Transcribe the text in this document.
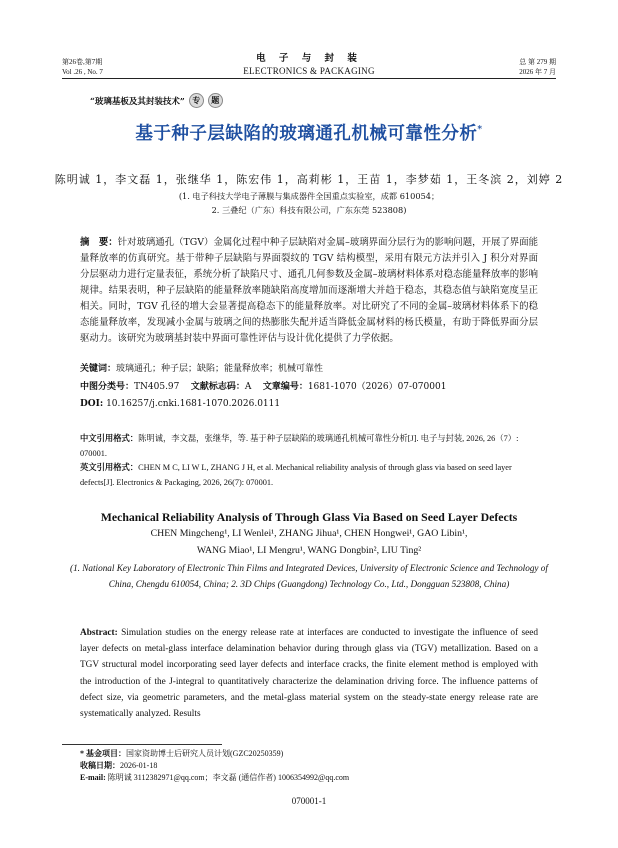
第26卷,第7期
Vol .26 , No. 7
电 子 与 封 装
ELECTRONICS & PACKAGING
总 第 279 期
2026 年 7 月
“玻璃基板及其封装技术” 专	题
基于种子层缺陷的玻璃通孔机械可靠性分析*
陈明诚 1，李文磊 1，张继华 1，陈宏伟 1，高莉彬 1，王苗 1，李梦茹 1，王冬滨 2，刘婷 2
(1. 电子科技大学电子薄膜与集成器件全国重点实验室，成都 610054；
2. 三叠纪（广东）科技有限公司，广东东莞 523808)
摘　要：针对玻璃通孔（TGV）金属化过程中种子层缺陷对金属–玻璃界面分层行为的影响问题，开展了界面能量释放率的仿真研究。基于带种子层缺陷与界面裂纹的 TGV 结构模型，采用有限元方法并引入 J 积分对界面分层驱动力进行定量表征，系统分析了缺陷尺寸、通孔几何参数及金属–玻璃材料体系对稳态能量释放率的影响规律。结果表明，种子层缺陷的能量释放率随缺陷高度增加而逐渐增大并趋于稳态，其稳态值与缺陷宽度呈正相关。同时，TGV 孔径的增大会显著提高稳态下的能量释放率。对比研究了不同的金属–玻璃材料体系下的稳态能量释放率，发现减小金属与玻璃之间的热膨胀失配并适当降低金属材料的杨氏模量，有助于降低界面分层驱动力。该研究为玻璃基封装中界面可靠性评估与设计优化提供了力学依据。
关键词：玻璃通孔；种子层；缺陷；能量释放率；机械可靠性
中图分类号：TN405.97 文献标志码：A 文章编号：1681-1070（2026）07-070001
DOI: 10.16257/j.cnki.1681-1070.2026.0111
中文引用格式：陈明诚，李文磊，张继华，等. 基于种子层缺陷的玻璃通孔机械可靠性分析[J]. 电子与封装, 2026, 26（7）: 070001.
英文引用格式：CHEN M C, LI W L, ZHANG J H, et al. Mechanical reliability analysis of through glass via based on seed layer defects[J]. Electronics & Packaging, 2026, 26(7): 070001.
Mechanical Reliability Analysis of Through Glass Via Based on Seed Layer Defects
CHEN Mingcheng¹, LI Wenlei¹, ZHANG Jihua¹, CHEN Hongwei¹, GAO Libin¹,
WANG Miao¹, LI Mengru¹, WANG Dongbin², LIU Ting²
(1. National Key Laboratory of Electronic Thin Films and Integrated Devices, University of Electronic Science and Technology of China, Chengdu 610054, China; 2. 3D Chips (Guangdong) Technology Co., Ltd., Dongguan 523808, China)
Abstract: Simulation studies on the energy release rate at interfaces are conducted to investigate the influence of seed layer defects on metal-glass interface delamination behavior during through glass via (TGV) metallization. Based on a TGV structural model incorporating seed layer defects and interface cracks, the finite element method is employed with the introduction of the J-integral to quantitatively characterize the delamination driving force. The influence patterns of defect size, via geometric parameters, and the metal-glass material system on the steady-state energy release rate are systematically analyzed. Results
* 基金项目：国家资助博士后研究人员计划(GZC20250359)
收稿日期：2026-01-18
E-mail: 陈明诚 3112382971@qq.com；李文磊 (通信作者) 1006354992@qq.com
070001-1
